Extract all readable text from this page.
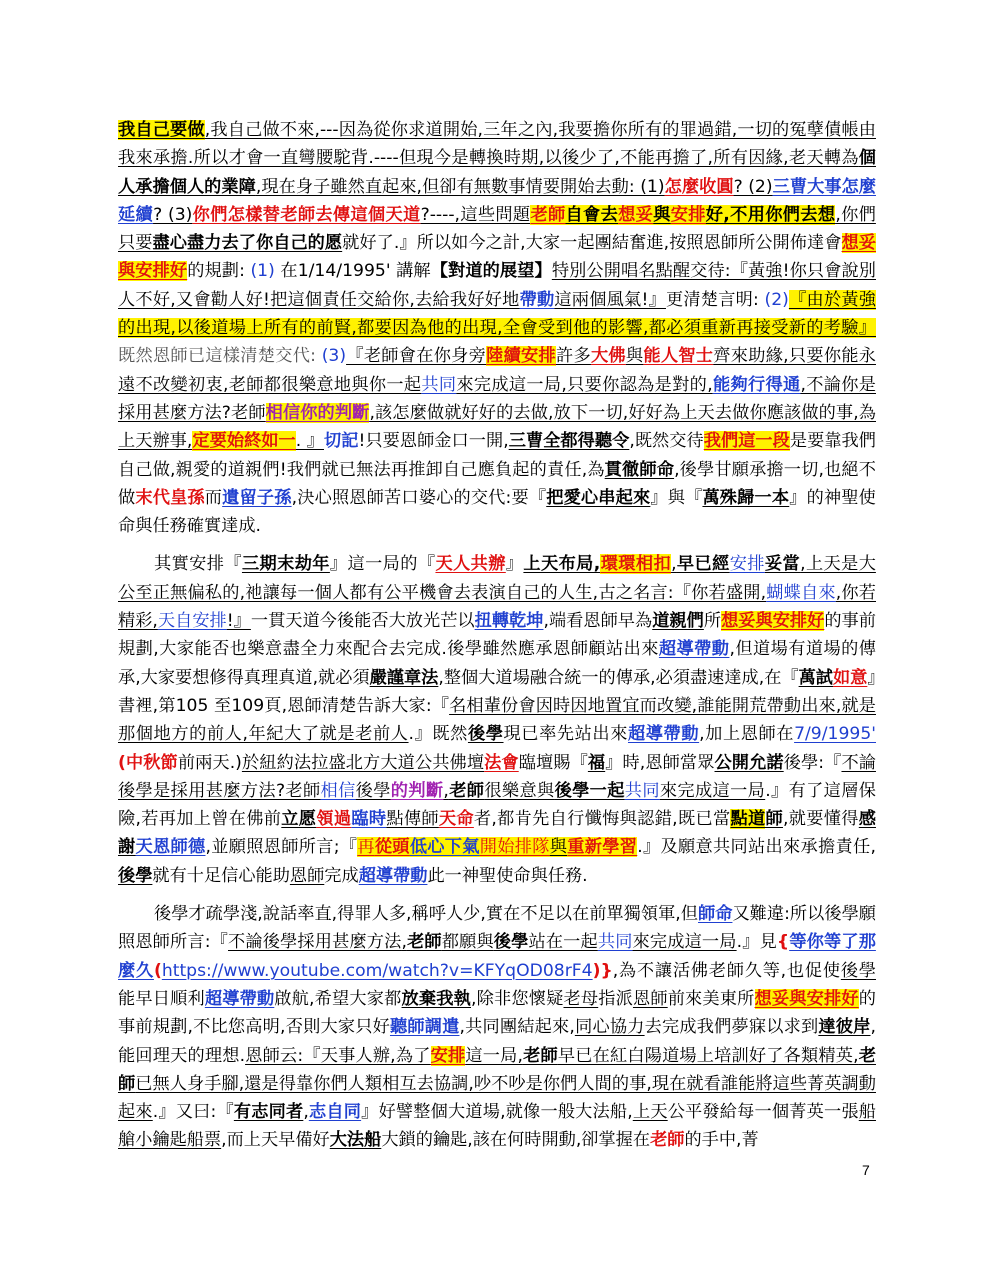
我自己要做,我自己做不來,---因為從你求道開始,三年之內,我要擔你所有的罪過錯,一切的冤孽債帳由我來承擔.所以才會一直彎腰駝背.----但現今是轉換時期,以後少了,不能再擔了,所有因緣,老天轉為個人承擔個人的業障,現在身子雖然直起來,但卻有無數事情要開始去動: (1)怎麼收圓? (2)三曹大事怎麼延續? (3)你們怎樣替老師去傳這個天道?----,這些問題老師自會去想妥與安排好,不用你們去想,你們只要盡心盡力去了你自己的愿就好了.』所以如今之計,大家一起團結奮進,按照恩師所公開佈達會想妥與安排好的規劃: (1) 在1/14/1995' 講解【對道的展望】特別公開唱名點醒交待:『黃強!你只會說別人不好,又會勸人好!把這個責任交給你,去給我好好地帶動這兩個風氣!』更清楚言明: (2)『由於黃強的出現,以後道場上所有的前賢,都要因為他的出現,全會受到他的影響,都必須重新再接受新的考驗』既然恩師已這樣清楚交代: (3)『老師會在你身旁陸續安排許多大佛與能人智士齊來助緣,只要你能永遠不改變初衷,老師都很樂意地與你一起共同來完成這一局,只要你認為是對的,能夠行得通,不論你是採用甚麼方法?老師相信你的判斷,該怎麼做就好好的去做,放下一切,好好為上天去做你應該做的事,為上天辦事,定要始終如一. 』切記!只要恩師金口一開,三曹全都得聽令,既然交待我們這一段是要靠我們自己做,親愛的道親們!我們就已無法再推卸自己應負起的責任,為貫徹師命,後學甘願承擔一切,也絕不做末代皇孫而遺留子孫,決心照恩師苦口婆心的交代:要『把愛心串起來』與『萬殊歸一本』的神聖使命與任務確實達成.

其實安排『三期末劫年』這一局的『天人共辦』上天布局,環環相扣,早已經安排妥當,上天是大公至正無偏私的,祂讓每一個人都有公平機會去表演自己的人生,古之名言:『你若盛開,蝴蝶自來,你若精彩,天自安排!』一貫天道今後能否大放光芒以扭轉乾坤,端看恩師早為道親們所想妥與安排好的事前規劃,大家能否也樂意盡全力來配合去完成.後學雖然應承恩師顧站出來超導帶動,但道場有道場的傳承,大家要想修得真理真道,就必須嚴謹章法,整個大道場融合統一的傳承,必須盡速達成,在『萬試如意』書裡,第105 至109頁,恩師清楚告訴大家:『名相輩份會因時因地置宜而改變,誰能開荒帶動出來,就是那個地方的前人,年紀大了就是老前人.』既然後學現已率先站出來超導帶動,加上恩師在7/9/1995' (中秋節前兩天.)於紐約法拉盛北方大道公共佛壇法會臨壇賜『福』時,恩師當眾公開允諾後學:『不論後學是採用甚麼方法?老師相信後學的判斷,老師很樂意與後學一起共同來完成這一局.』有了這層保險,若再加上曾在佛前立愿領過臨時點傳師天命者,都肯先自行懺悔與認錯,既已當點道師,就要懂得感謝天恩師德,並願照恩師所言;『再從頭低心下氣開始排隊與重新學習.』及願意共同站出來承擔責任,後學就有十足信心能助恩師完成超導帶動此一神聖使命與任務.

後學才疏學淺,說話率直,得罪人多,稱呼人少,實在不足以在前單獨領軍,但師命又難違:所以後學願照恩師所言:『不論後學採用甚麼方法,老師都願與後學站在一起共同來完成這一局.』見{等你等了那麼久(https://www.youtube.com/watch?v=KFYqOD08rF4)},為不讓活佛老師久等,也促使後學能早日順利超導帶動啟航,希望大家都放棄我執,除非您懷疑老母指派恩師前來美東所想妥與安排好的事前規劃,不比您高明,否則大家只好聽師調遣,共同團結起來,同心協力去完成我們夢寐以求到達彼岸,能回理天的理想.恩師云:『天事人辦,為了安排這一局,老師早已在紅白陽道場上培訓好了各類精英,老師已無人身手腳,還是得靠你們人類相互去協調,吵不吵是你們人間的事,現在就看誰能將這些菁英調動起來.』又曰:『有志同者,志自同』好譬整個大道場,就像一般大法船,上天公平發給每一個菁英一張船艙小鑰匙船票,而上天早備好大法船大鎖的鑰匙,該在何時開動,卻掌握在老師的手中,菁

7
